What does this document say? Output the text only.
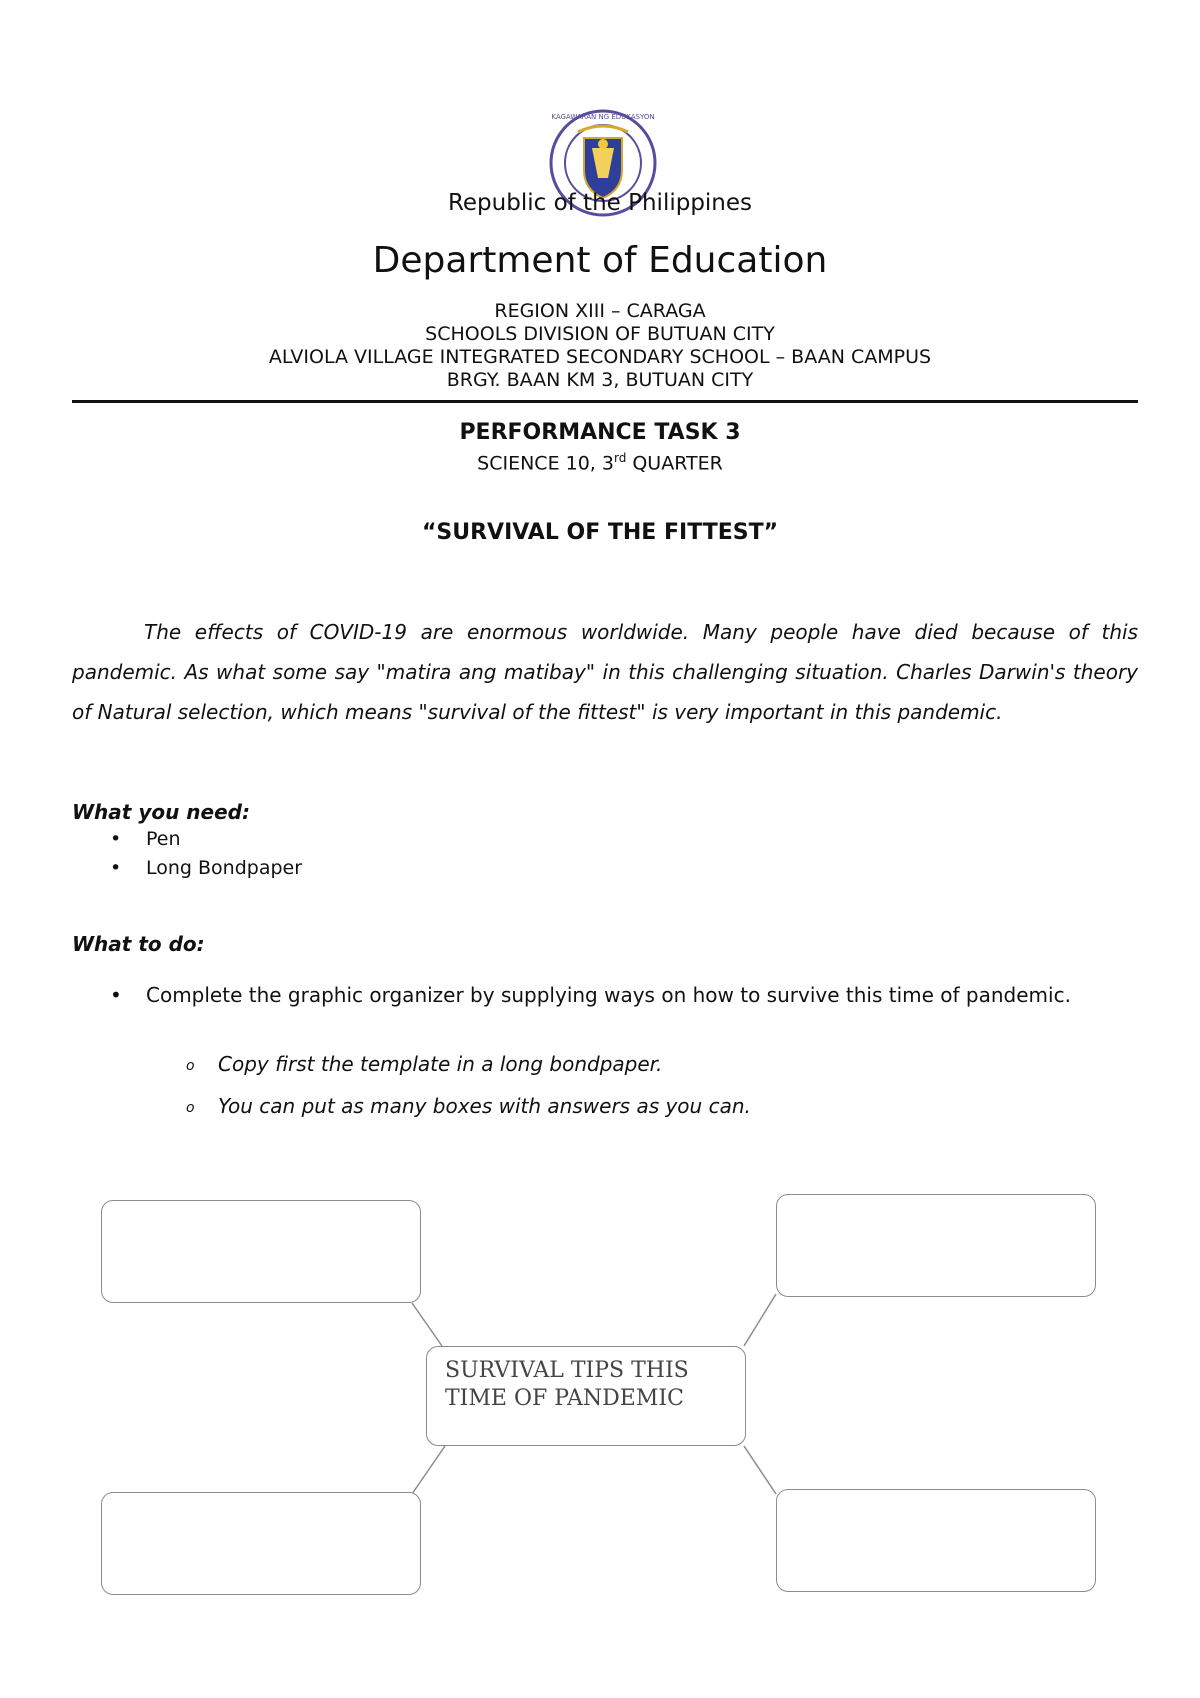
KAGAWARAN NG EDUKASYON
Republic of the Philippines
Department of Education
REGION XIII – CARAGA
SCHOOLS DIVISION OF BUTUAN CITY
ALVIOLA VILLAGE INTEGRATED SECONDARY SCHOOL – BAAN CAMPUS
BRGY. BAAN KM 3, BUTUAN CITY
PERFORMANCE TASK 3
SCIENCE 10, 3rd QUARTER
“SURVIVAL OF THE FITTEST”

The effects of COVID-19 are enormous worldwide. Many people have died because of this pandemic. As what some say "matira ang matibay" in this challenging situation. Charles Darwin's theory of Natural selection, which means "survival of the fittest" is very important in this pandemic.

What you need:
• Pen
• Long Bondpaper
What to do:
• Complete the graphic organizer by supplying ways on how to survive this time of pandemic.
o Copy first the template in a long bondpaper.
o You can put as many boxes with answers as you can.
SURVIVAL TIPS THIS
TIME OF PANDEMIC
